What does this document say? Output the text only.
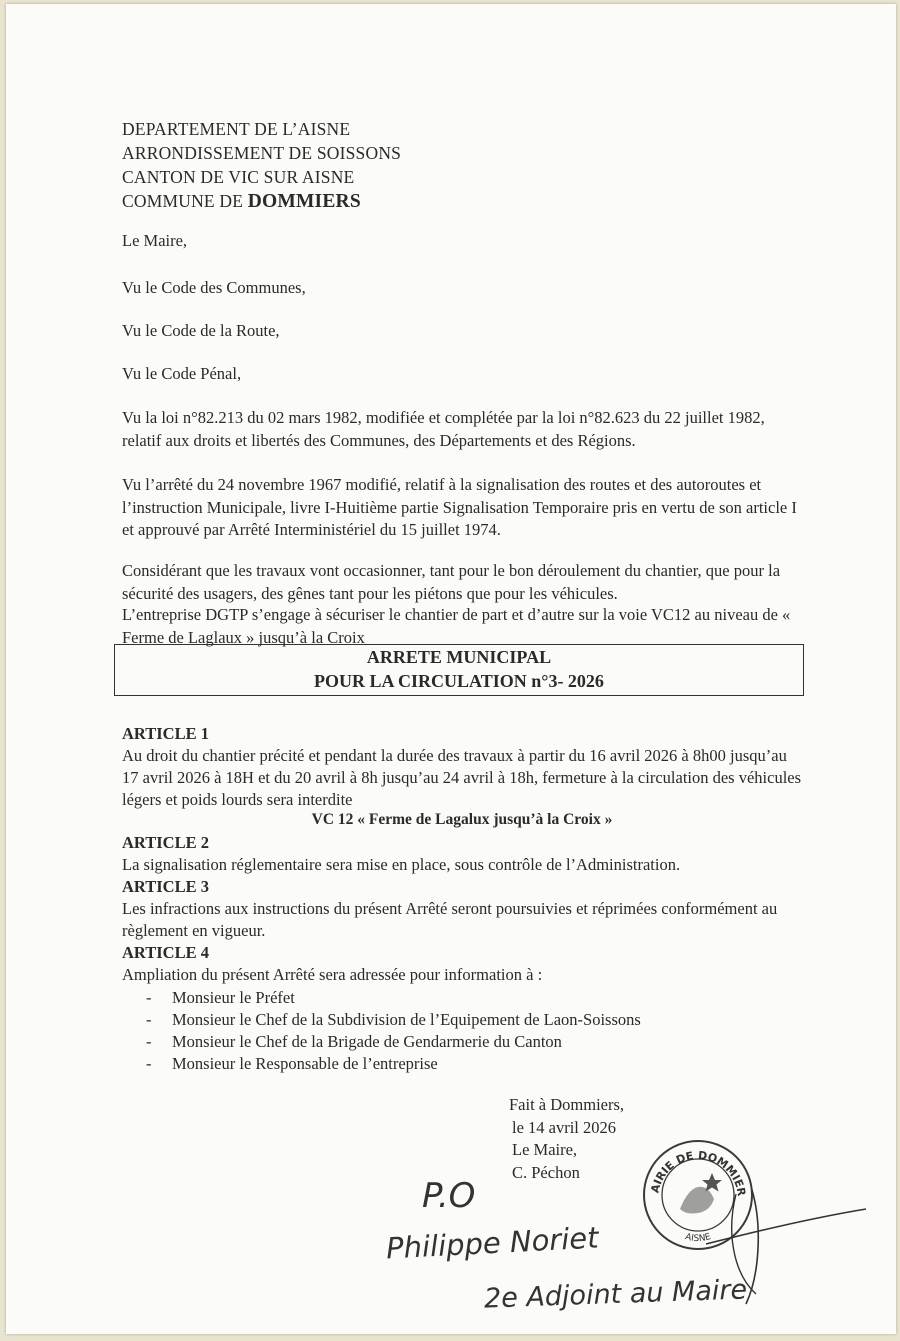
DEPARTEMENT DE L’AISNE
ARRONDISSEMENT DE SOISSONS
CANTON DE VIC SUR AISNE
COMMUNE DE DOMMIERS
Le Maire,
Vu le Code des Communes,
Vu le Code de la Route,
Vu le Code Pénal,
Vu la loi n°82.213 du 02 mars 1982, modifiée et complétée par la loi n°82.623 du 22 juillet 1982, relatif aux droits et libertés des Communes, des Départements et des Régions.
Vu l’arrêté du 24 novembre 1967 modifié, relatif à la signalisation des routes et des autoroutes et l’instruction Municipale, livre I-Huitième partie Signalisation Temporaire pris en vertu de son article I et approuvé par Arrêté Interministériel du 15 juillet 1974.
Considérant que les travaux vont occasionner, tant pour le bon déroulement du chantier, que pour la sécurité des usagers, des gênes tant pour les piétons que pour les véhicules.
L’entreprise DGTP s’engage à sécuriser le chantier de part et d’autre sur la voie VC12 au niveau de « Ferme de Laglaux » jusqu’à la Croix
ARRETE MUNICIPAL
POUR LA CIRCULATION n°3- 2026
ARTICLE 1
Au droit du chantier précité et pendant la durée des travaux à partir du 16 avril 2026 à 8h00 jusqu’au 17 avril 2026 à 18H et du 20 avril à 8h jusqu’au 24 avril à 18h, fermeture à la circulation des véhicules légers et poids lourds sera interdite
VC 12 « Ferme de Lagalux jusqu’à la Croix »
ARTICLE 2
La signalisation réglementaire sera mise en place, sous contrôle de l’Administration.
ARTICLE 3
Les infractions aux instructions du présent Arrêté seront poursuivies et réprimées conformément au règlement en vigueur.
ARTICLE 4
Ampliation du présent Arrêté sera adressée pour information à :
-	Monsieur le Préfet
-	Monsieur le Chef de la Subdivision de l’Equipement de Laon-Soissons
-	Monsieur le Chef de la Brigade de Gendarmerie du Canton
-	Monsieur le Responsable de l’entreprise
Fait à Dommiers,
le 14 avril 2026
Le Maire,
C. Péchon
AIRIE DE DOMMIER
AISNE
P.O
Philippe Noriet
2e Adjoint au Maire
